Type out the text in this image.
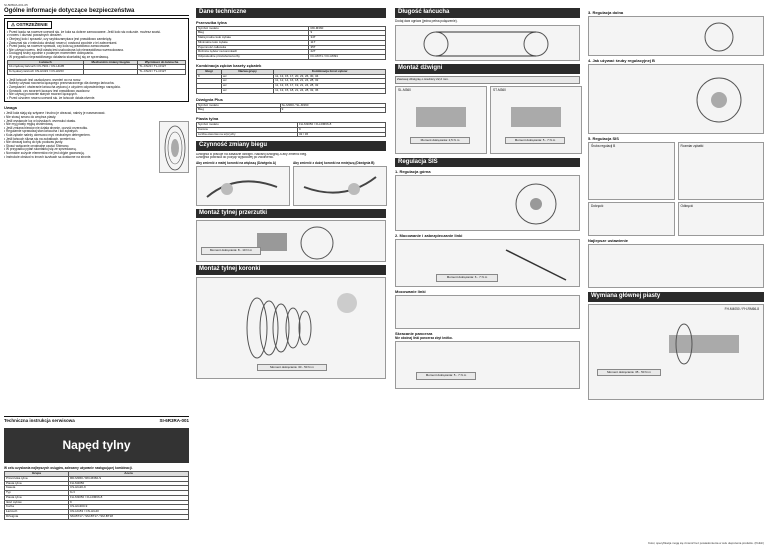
SI-5R5RA-001-05
Ogólne informacje dotyczące bezpieczeństwa
⚠ OSTRZEŻENIE
• Przed jazdą na rowerze upewnij się, że koła są dobrze zamocowane. Jeśli koło się poluzuje, możesz spaść.
z roweru i doznać poważnych obrażeń.
• Obejrzyj koło i sprawdź, czy szybkozamykacz jest prawidłowo zamknięty.
• Zapoznaj się z instrukcją obsługi roweru i postępuj zgodnie z jej zaleceniami.
• Przed jazdą na rowerze sprawdź, czy koła są prawidłowo zamocowane.
• Nie używaj roweru, jeśli piasta jest uszkodzona lub nieprawidłowo wyregulowana.
• Dociągnij śruby zgodnie z podanym momentem dokręcania.
• W przypadku nieprawidłowego działania skontaktuj się ze sprzedawcą.
Łańcuch	Mechanizm zmiany biegów	Wyciskacz do łańcucha
10-rzędowy łańcuch CN-7901 / CN-HG95		TL-CN23 / TL-CN27
9-rzędowy łańcuch CN-HG93 / CN-HG53		TL-CN23 / TL-CN27
• Jeśli łańcuch jest uszkodzony, wymień go na nowy.
• Należy używać sworznia łączącego przeznaczonego dla danego łańcucha.
• Zamykanie i otwieranie łańcucha wykonuj z użyciem odpowiedniego narzędzia.
• Sprawdź, czy sworzeń łączący jest prawidłowo osadzony.
• Nie używaj ponownie starych sworzni łączących.
• Przed użyciem roweru upewnij się, że łańcuch działa płynnie.
Uwaga
• Jeśli koła stają się sztywne i trudno je obracać, należy je nasmarować.
• Nie stosuj smaru do wnętrza piasty.
• Jeśli występuje luz w łożyskach, wyreguluj piastę.
• Nie myj piasty myjką ciśnieniową.
• Jeśli zmiana biegów nie działa płynnie, oczyść przerzutkę.
• Regularnie sprawdzaj stan łańcucha i kół zębatych.
• Koła zębate należy okresowo myć neutralnym detergentem.
• Jeśli łańcuch ślizga się na zębatkach, wymień go.
• Nie obracaj korbą do tyłu podczas jazdy.
• Stosuj wyłącznie oryginalne części Shimano.
• W przypadku pytań skontaktuj się ze sprzedawcą.
• Normalne zużycie elementów nie jest objęte gwarancją.
• Instrukcje obsługi w innych językach są dostępne na stronie.
Techniczna instrukcja serwisowa	SI-6R3RA-001
Napęd tylny
W celu uzyskania najlepszych osiągów, zalecamy używanie następującej kombinacji.
Grupa	Acera
Przerzutka tylna	RD-M360 / RD-M360-S
Piasta tylna	FH-M4050
Kaseta	CS-HG20-9
Typ	9-rz
Piasta tylna	FH-M3050 / FH-RM66-8
Ilość zębów	9
Korba	CS-HG300-9
Łańcuch	CN-HG53 / CN-HG40
Dźwignia	SM-BT17 / SM-BT17 / SM-BT18
Dane techniczne
Przerzutka tylna
Symbol modelu	RD-M360
Bieg	9
Maksymalne koło zębate	34T
Minimalne koło zębate	11T
Pojemność całkowita	35T
Różnica zębów na koronkach	22T
Odpowiednie przełożenia korby	FC-M371 / FC-M391
Kombinacja zębów kasety zębatek
Biegi	Nazwa grupy	Kombinacja ilości zębów
9	wc	11, 13, 15, 17, 20, 23, 26, 30, 34
	wc	11, 12, 14, 16, 18, 21, 24, 28, 32
	wc	11, 13, 15, 17, 19, 21, 24, 28, 32
	wc	11, 13, 15, 18, 21, 24, 28, 32, 36
Dźwignia Plus
Symbol modelu	SL-M360 / SL-M360
Bieg	9
Piasta tylna
Symbol modelu	FH-M3050 / FH-RM66-8
Korona	9
Liczba otworów na szprychy	32 / 36
Czynność zmiany biegu
Dźwignia B pracuje na zasadzie dźwigni. Naciśnij dźwignię A aby zmienić bieg.
Dźwignia powraca do pozycji wyjściowej po zwolnieniu.
Aby zmienić z małej koronki na większą (Dźwignia A)	Aby zmienić z dużej koronki na mniejszą (Dźwignia B)
Montaż tylnej przerzutki
Moment dokręcania: 8 - 10 N·m
Montaż tylnej koronki
Moment dokręcania: 30 - 50 N·m
Długość łańcucha
Dodaj dwa ogniwa (jedna pełna połączenie).
Montaż dźwigni
Zastosuj dźwignię o średnicy 22,2 mm.
SL-M360
Moment dokręcania: 2,5 N·m
ST-M360
Moment dokręcania: 5 - 7 N·m
Regulacja SIS
1. Regulacja górna
2. Mocowanie i zabezpieczanie linki
Moment dokręcania: 6 - 7 N·m
Mocowanie linki
Skracanie pancerza
Nie obcinaj linki pancerza zbyt krótko.
Moment dokręcania: 5 - 7 N·m
3. Regulacja dolna
4. Jak używać śruby regulacyjnej B
5. Regulacja SIS
Śruba regulacji B	Rozmiar zębatki
Dokręcić	Odkręcić
Najlepsze ustawienie
Wymiana głównej piasty
FH-M4050 / FH-RM66-8
Moment dokręcania: 35 - 50 N·m
Kolor, specyfikacja mogą się zmienić bez powiadomienia w celu ulepszenia produktu. (Polish)
